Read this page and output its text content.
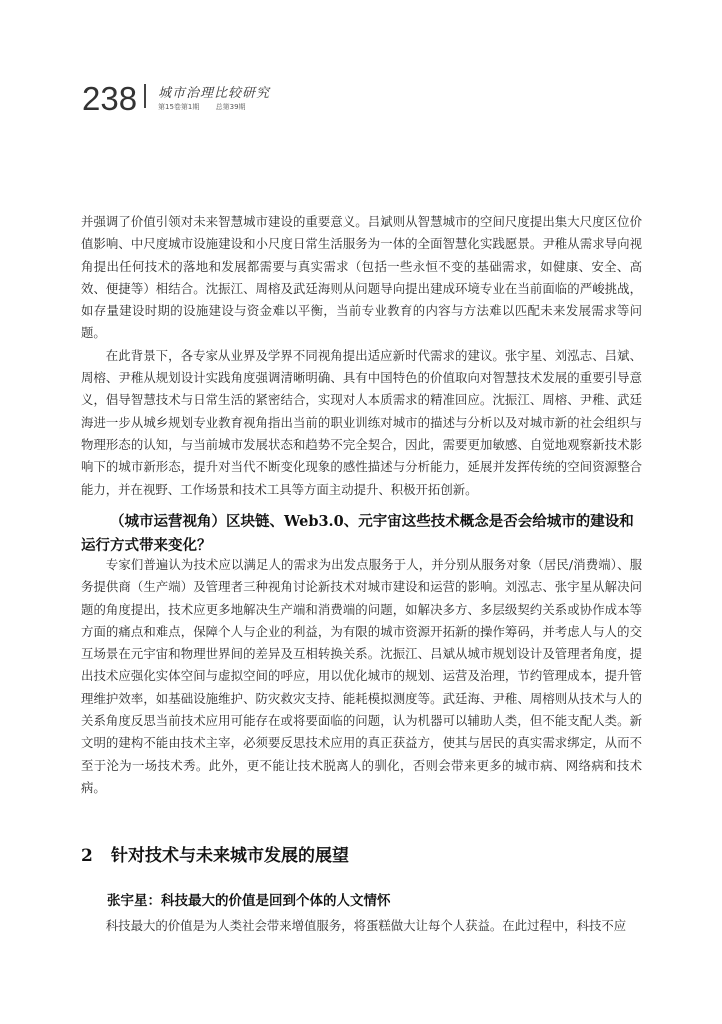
238 城市治理比较研究
第15卷第1期 总第39期

并强调了价值引领对未来智慧城市建设的重要意义。吕斌则从智慧城市的空间尺度提出集大尺度区位价值影响、中尺度城市设施建设和小尺度日常生活服务为一体的全面智慧化实践愿景。尹稚从需求导向视角提出任何技术的落地和发展都需要与真实需求（包括一些永恒不变的基础需求，如健康、安全、高效、便捷等）相结合。沈振江、周榕及武廷海则从问题导向提出建成环境专业在当前面临的严峻挑战，如存量建设时期的设施建设与资金难以平衡，当前专业教育的内容与方法难以匹配未来发展需求等问题。

在此背景下，各专家从业界及学界不同视角提出适应新时代需求的建议。张宇星、刘泓志、吕斌、周榕、尹稚从规划设计实践角度强调清晰明确、具有中国特色的价值取向对智慧技术发展的重要引导意义，倡导智慧技术与日常生活的紧密结合，实现对人本质需求的精准回应。沈振江、周榕、尹稚、武廷海进一步从城乡规划专业教育视角指出当前的职业训练对城市的描述与分析以及对城市新的社会组织与物理形态的认知，与当前城市发展状态和趋势不完全契合，因此，需要更加敏感、自觉地观察新技术影响下的城市新形态，提升对当代不断变化现象的感性描述与分析能力，延展并发挥传统的空间资源整合能力，并在视野、工作场景和技术工具等方面主动提升、积极开拓创新。

（城市运营视角）区块链、Web3.0、元宇宙这些技术概念是否会给城市的建设和运行方式带来变化？

专家们普遍认为技术应以满足人的需求为出发点服务于人，并分别从服务对象（居民/消费端）、服务提供商（生产端）及管理者三种视角讨论新技术对城市建设和运营的影响。刘泓志、张宇星从解决问题的角度提出，技术应更多地解决生产端和消费端的问题，如解决多方、多层级契约关系或协作成本等方面的痛点和难点，保障个人与企业的利益，为有限的城市资源开拓新的操作筹码，并考虑人与人的交互场景在元宇宙和物理世界间的差异及互相转换关系。沈振江、吕斌从城市规划设计及管理者角度，提出技术应强化实体空间与虚拟空间的呼应，用以优化城市的规划、运营及治理，节约管理成本，提升管理维护效率，如基础设施维护、防灾救灾支持、能耗模拟测度等。武廷海、尹稚、周榕则从技术与人的关系角度反思当前技术应用可能存在或将要面临的问题，认为机器可以辅助人类，但不能支配人类。新文明的建构不能由技术主宰，必须要反思技术应用的真正获益方，使其与居民的真实需求绑定，从而不至于沦为一场技术秀。此外，更不能让技术脱离人的驯化，否则会带来更多的城市病、网络病和技术病。

2 针对技术与未来城市发展的展望
张宇星：科技最大的价值是回到个体的人文情怀

科技最大的价值是为人类社会带来增值服务，将蛋糕做大让每个人获益。在此过程中，科技不应
